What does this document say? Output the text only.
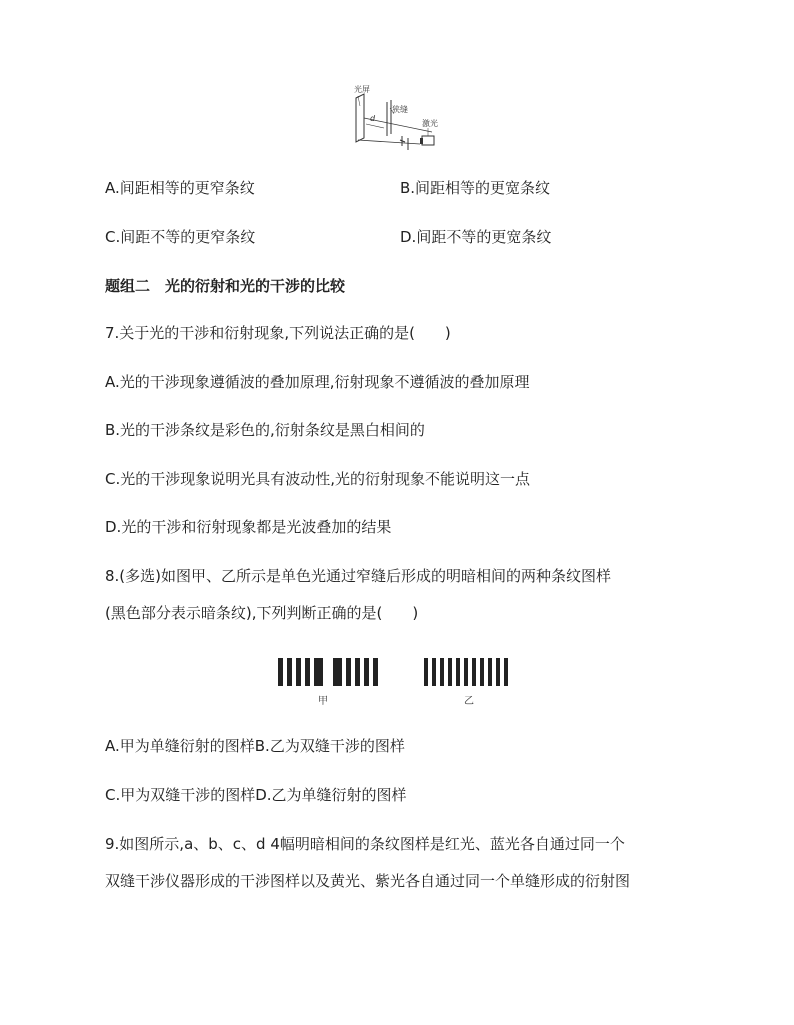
光屏
狭缝
激光
d
A.间距相等的更窄条纹	B.间距相等的更宽条纹
C.间距不等的更窄条纹	D.间距不等的更宽条纹
题组二　光的衍射和光的干涉的比较
7.关于光的干涉和衍射现象,下列说法正确的是(　　)
A.光的干涉现象遵循波的叠加原理,衍射现象不遵循波的叠加原理
B.光的干涉条纹是彩色的,衍射条纹是黑白相间的
C.光的干涉现象说明光具有波动性,光的衍射现象不能说明这一点
D.光的干涉和衍射现象都是光波叠加的结果
8.(多选)如图甲、乙所示是单色光通过窄缝后形成的明暗相间的两种条纹图样
(黑色部分表示暗条纹),下列判断正确的是(　　)
甲	乙
A.甲为单缝衍射的图样B.乙为双缝干涉的图样
C.甲为双缝干涉的图样D.乙为单缝衍射的图样
9.如图所示,a、b、c、d 4幅明暗相间的条纹图样是红光、蓝光各自通过同一个
双缝干涉仪器形成的干涉图样以及黄光、紫光各自通过同一个单缝形成的衍射图
